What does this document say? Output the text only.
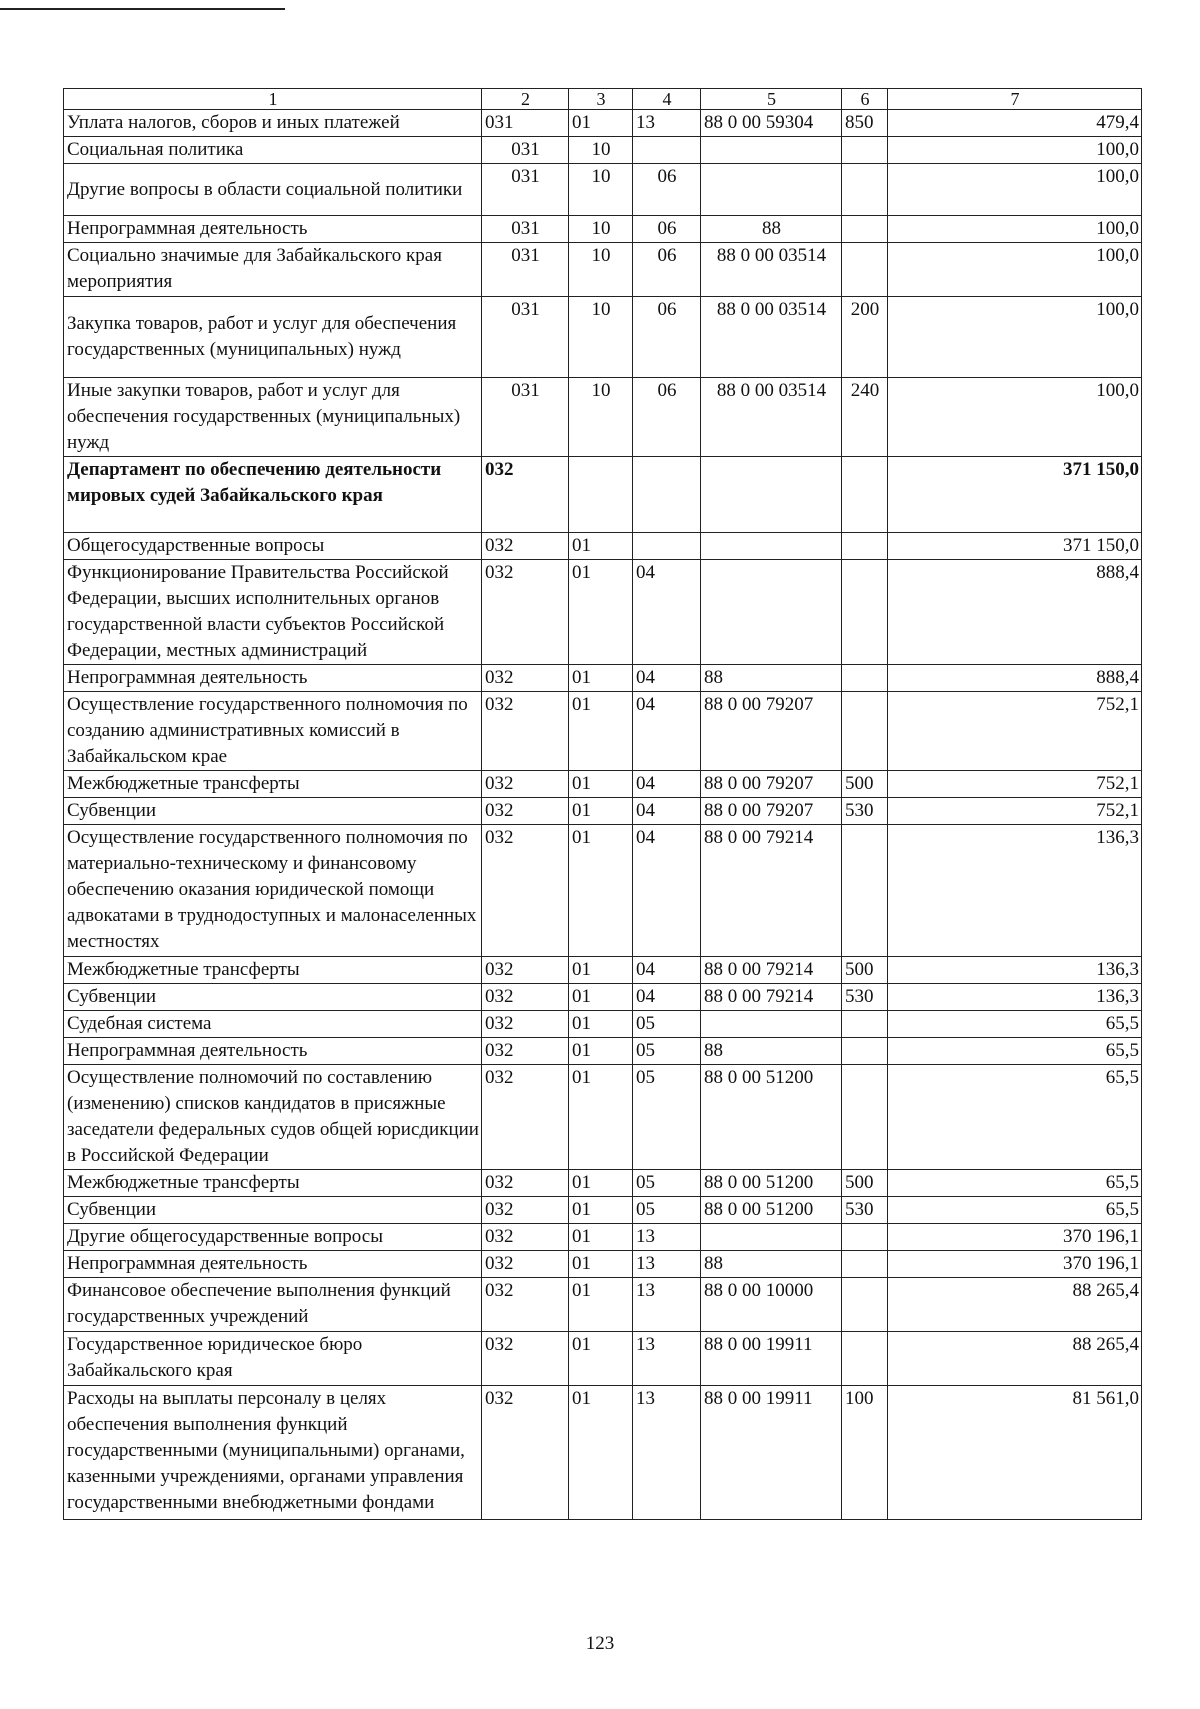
1	2	3	4	5	6	7
Уплата налогов, сборов и иных платежей	031	01	13	88 0 00 59304	850	479,4
Социальная политика	031	10				100,0
Другие вопросы в области социальной политики	031	10	06			100,0
Непрограммная деятельность	031	10	06	88		100,0
Социально значимые для Забайкальского края мероприятия	031	10	06	88 0 00 03514		100,0
Закупка товаров, работ и услуг для обеспечения государственных (муниципальных) нужд	031	10	06	88 0 00 03514	200	100,0
Иные закупки товаров, работ и услуг для обеспечения государственных (муниципальных) нужд	031	10	06	88 0 00 03514	240	100,0
Департамент по обеспечению деятельности мировых судей Забайкальского края	032					371 150,0
Общегосударственные вопросы	032	01				371 150,0
Функционирование Правительства Российской Федерации, высших исполнительных органов государственной власти субъектов Российской Федерации, местных администраций	032	01	04			888,4
Непрограммная деятельность	032	01	04	88		888,4
Осуществление государственного полномочия по созданию административных комиссий в Забайкальском крае	032	01	04	88 0 00 79207		752,1
Межбюджетные трансферты	032	01	04	88 0 00 79207	500	752,1
Субвенции	032	01	04	88 0 00 79207	530	752,1
Осуществление государственного полномочия по материально-техническому и финансовому обеспечению оказания юридической помощи адвокатами в труднодоступных и малонаселенных местностях	032	01	04	88 0 00 79214		136,3
Межбюджетные трансферты	032	01	04	88 0 00 79214	500	136,3
Субвенции	032	01	04	88 0 00 79214	530	136,3
Судебная система	032	01	05			65,5
Непрограммная деятельность	032	01	05	88		65,5
Осуществление полномочий по составлению (изменению) списков кандидатов в присяжные заседатели федеральных судов общей юрисдикции в Российской Федерации	032	01	05	88 0 00 51200		65,5
Межбюджетные трансферты	032	01	05	88 0 00 51200	500	65,5
Субвенции	032	01	05	88 0 00 51200	530	65,5
Другие общегосударственные вопросы	032	01	13			370 196,1
Непрограммная деятельность	032	01	13	88		370 196,1
Финансовое обеспечение выполнения функций государственных учреждений	032	01	13	88 0 00 10000		88 265,4
Государственное юридическое бюро Забайкальского края	032	01	13	88 0 00 19911		88 265,4
Расходы на выплаты персоналу в целях обеспечения выполнения функций государственными (муниципальными) органами, казенными учреждениями, органами управления государственными внебюджетными фондами	032	01	13	88 0 00 19911	100	81 561,0
123
